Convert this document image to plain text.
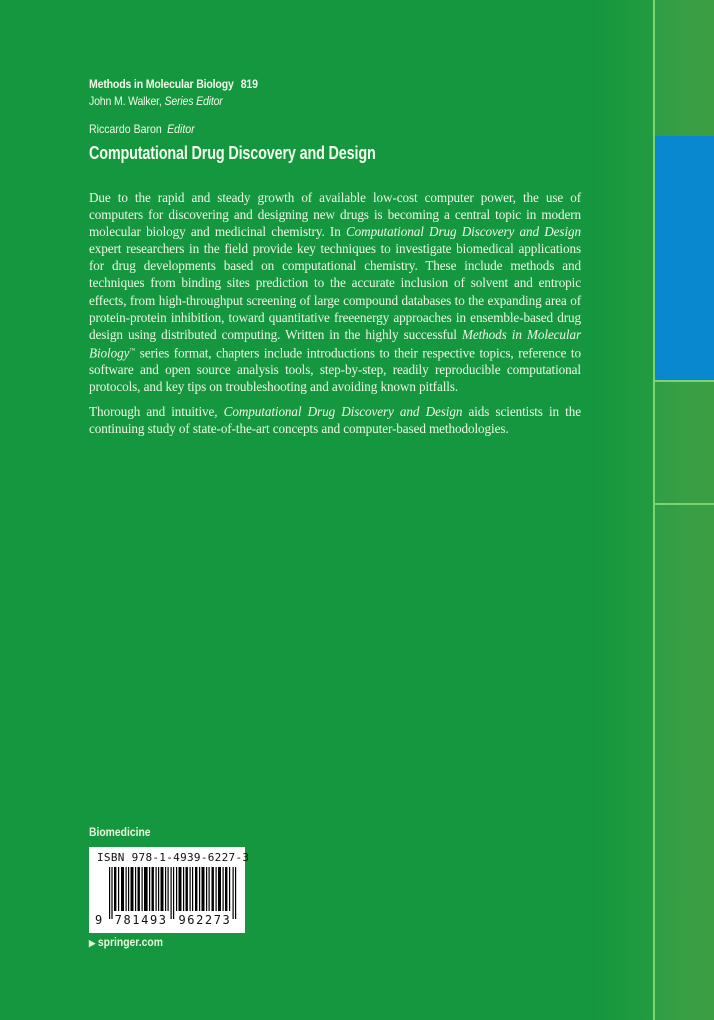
Methods in Molecular Biology 819
John M. Walker, Series Editor
Riccardo Baron Editor
Computational Drug Discovery and Design

Due to the rapid and steady growth of available low-cost computer power, the use of computers for discovering and designing new drugs is becoming a central topic in modern molecular biology and medicinal chemistry. In Computational Drug Discovery and Design expert researchers in the field provide key techniques to investigate biomedical applications for drug developments based on computational chemistry. These include methods and techniques from binding sites prediction to the accurate inclusion of solvent and entropic effects, from high-throughput screening of large compound databases to the expanding area of protein-protein inhibition, toward quantitative freeenergy approaches in ensemble-based drug design using distributed computing. Written in the highly successful Methods in Molecular Biology™ series format, chapters include introductions to their respective topics, reference to software and open source analysis tools, step-by-step, readily reproducible computational protocols, and key tips on troubleshooting and avoiding known pitfalls.

Thorough and intuitive, Computational Drug Discovery and Design aids scientists in the continuing study of state-of-the-art concepts and computer-based methodologies.

Biomedicine
ISBN 978-1-4939-6227-3
9 781493 962273
▶ springer.com
